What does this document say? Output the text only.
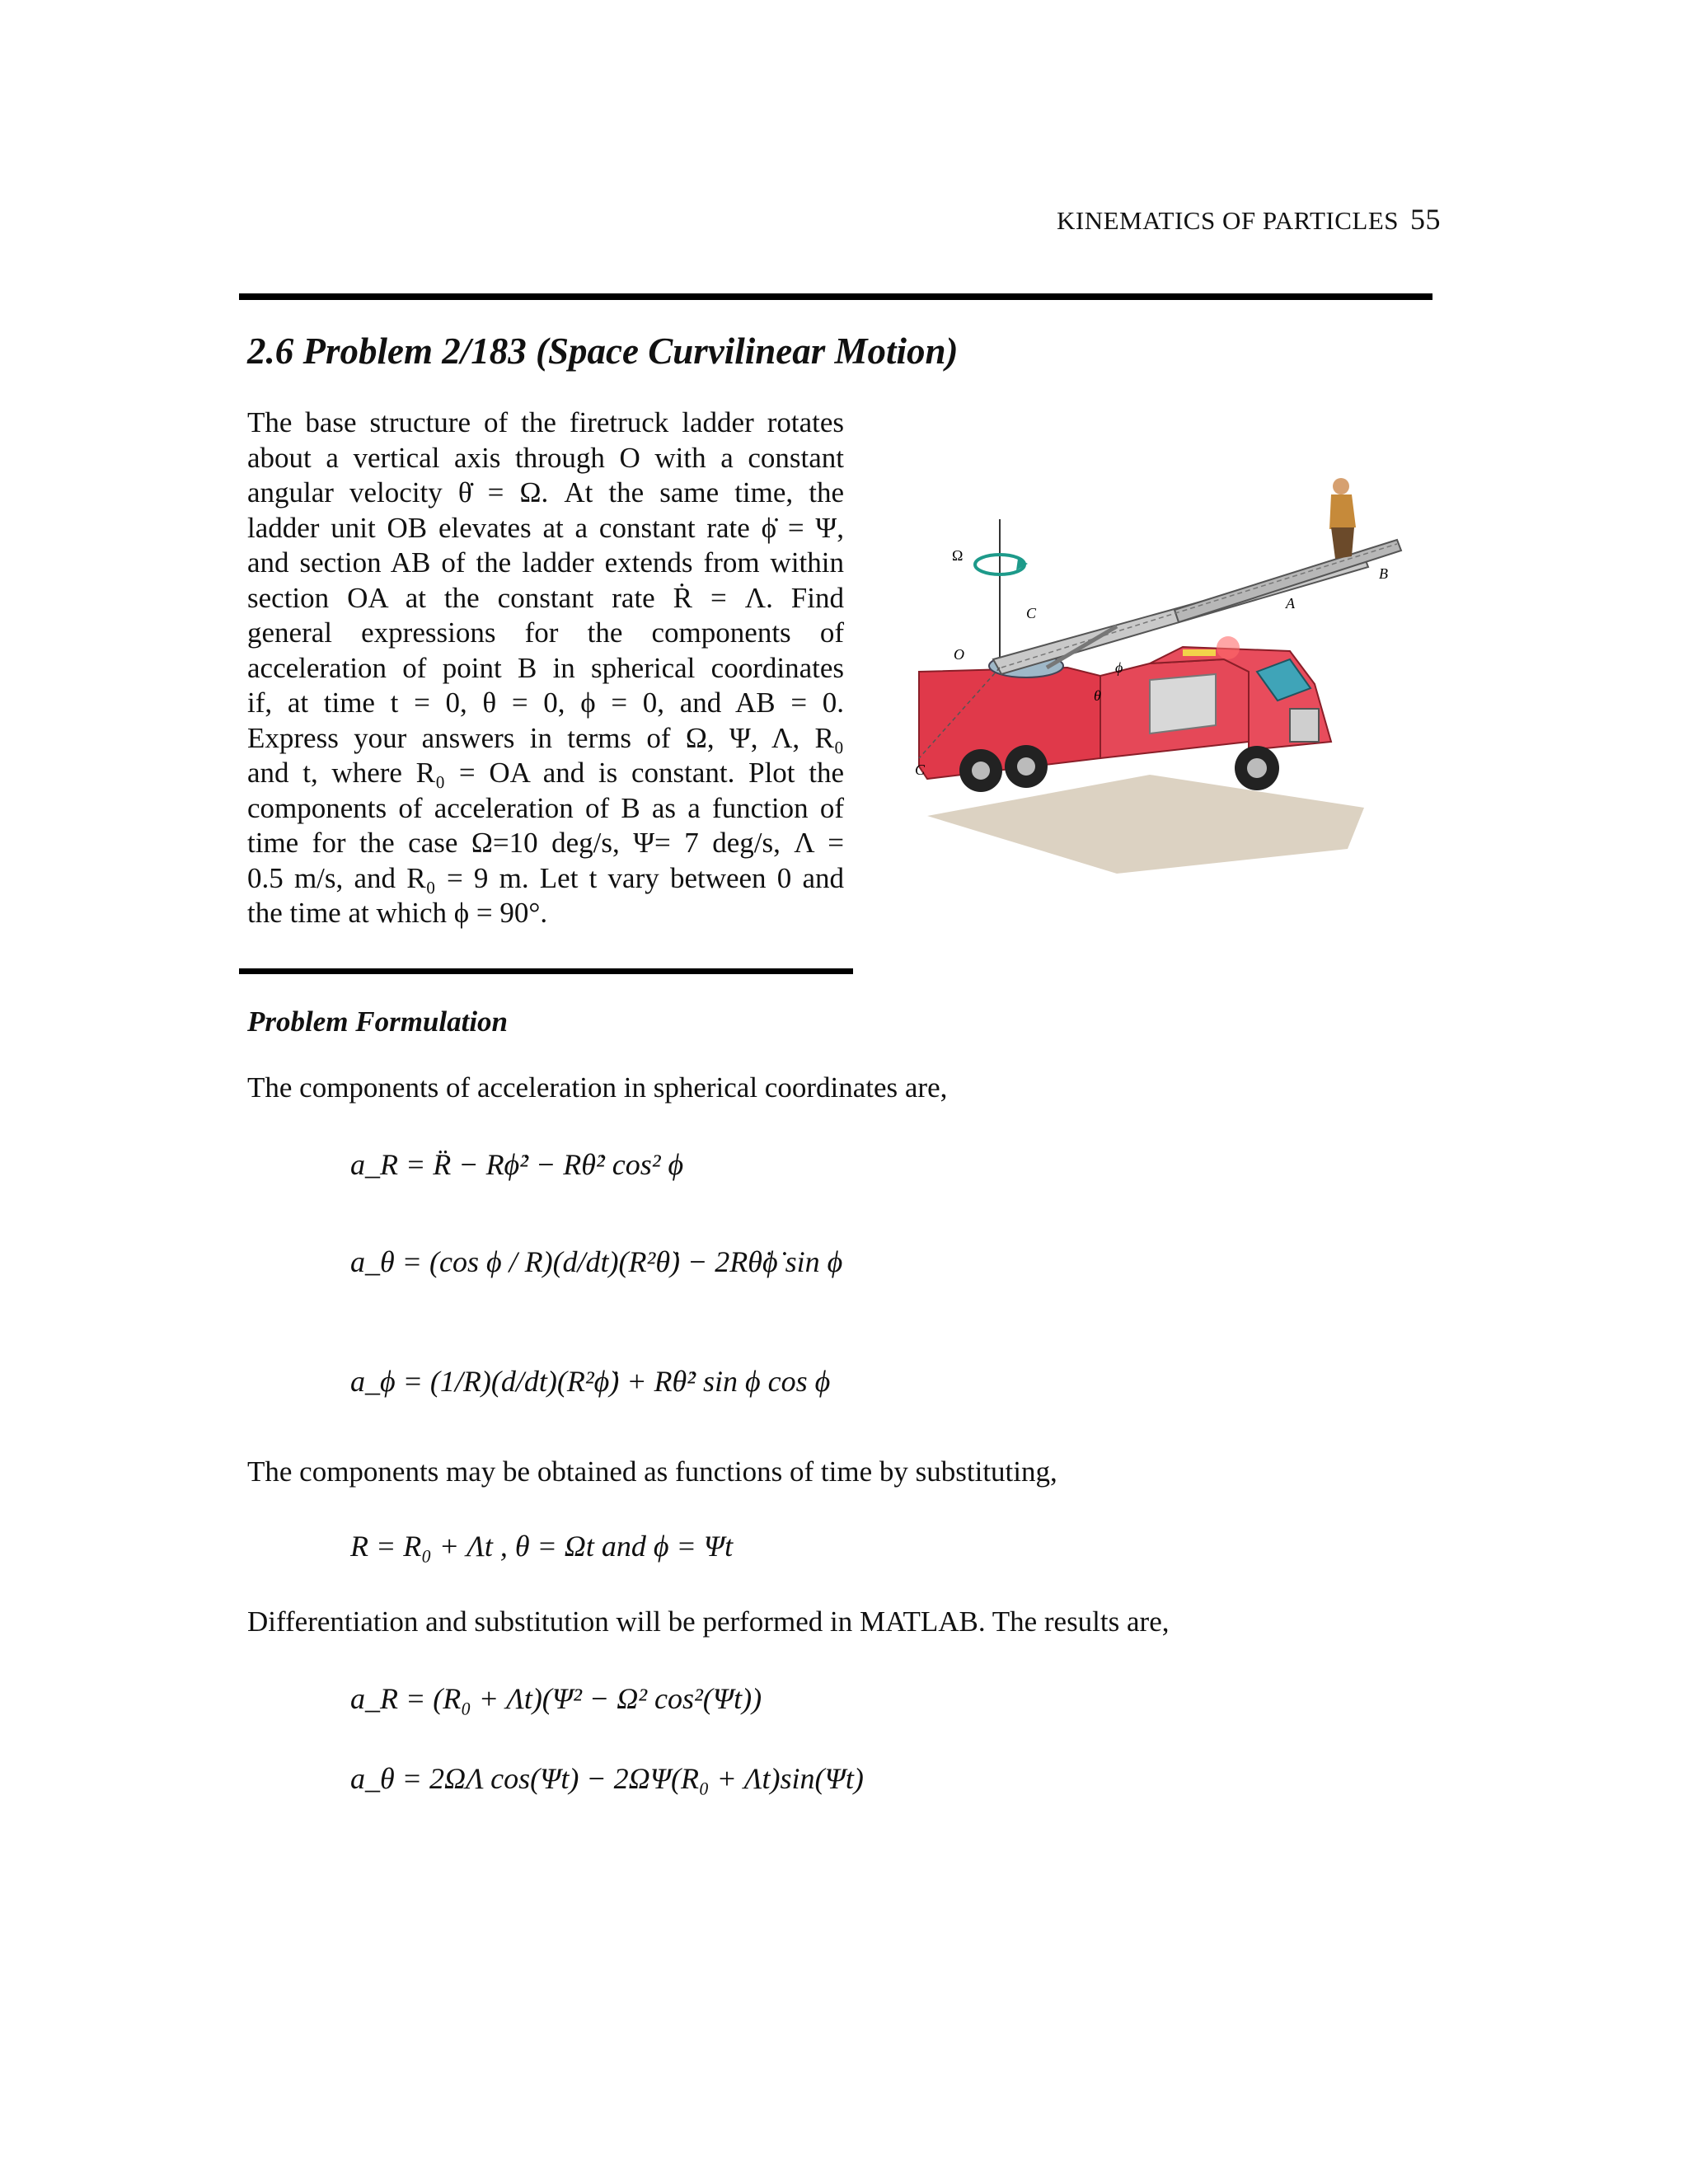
KINEMATICS OF PARTICLES 55
2.6 Problem 2/183 (Space Curvilinear Motion)
The base structure of the firetruck ladder rotates
about a vertical axis through O with a constant
angular velocity θ̇ = Ω. At the same time, the
ladder unit OB elevates at a constant rate ϕ̇ = Ψ,
and section AB of the ladder extends from within
section OA at the constant rate Ṙ = Λ. Find
general expressions for the components of
acceleration of point B in spherical coordinates
if, at time t = 0, θ = 0, ϕ = 0, and AB = 0.
Express your answers in terms of Ω, Ψ, Λ, R₀
and t, where R₀ = OA and is constant. Plot the
components of acceleration of B as a function of
time for the case Ω=10 deg/s, Ψ= 7 deg/s, Λ =
0.5 m/s, and R₀ = 9 m. Let t vary between 0 and
the time at which ϕ = 90°.
Ω
C
O
ϕ
θ
A
B
C
Problem Formulation
The components of acceleration in spherical coordinates are,
a_R = R̈ − Rϕ̇² − Rθ̇² cos² ϕ
a_θ = (cos ϕ / R)(d/dt)(R²θ̇) − 2Rθ̇ϕ̇ sin ϕ
a_ϕ = (1/R)(d/dt)(R²ϕ̇) + Rθ̇² sin ϕ cos ϕ
The components may be obtained as functions of time by substituting,
R = R₀ + Λt , θ = Ωt and ϕ = Ψt
Differentiation and substitution will be performed in MATLAB. The results are,
a_R = (R₀ + Λt)(Ψ² − Ω² cos²(Ψt))
a_θ = 2ΩΛ cos(Ψt) − 2ΩΨ(R₀ + Λt)sin(Ψt)
